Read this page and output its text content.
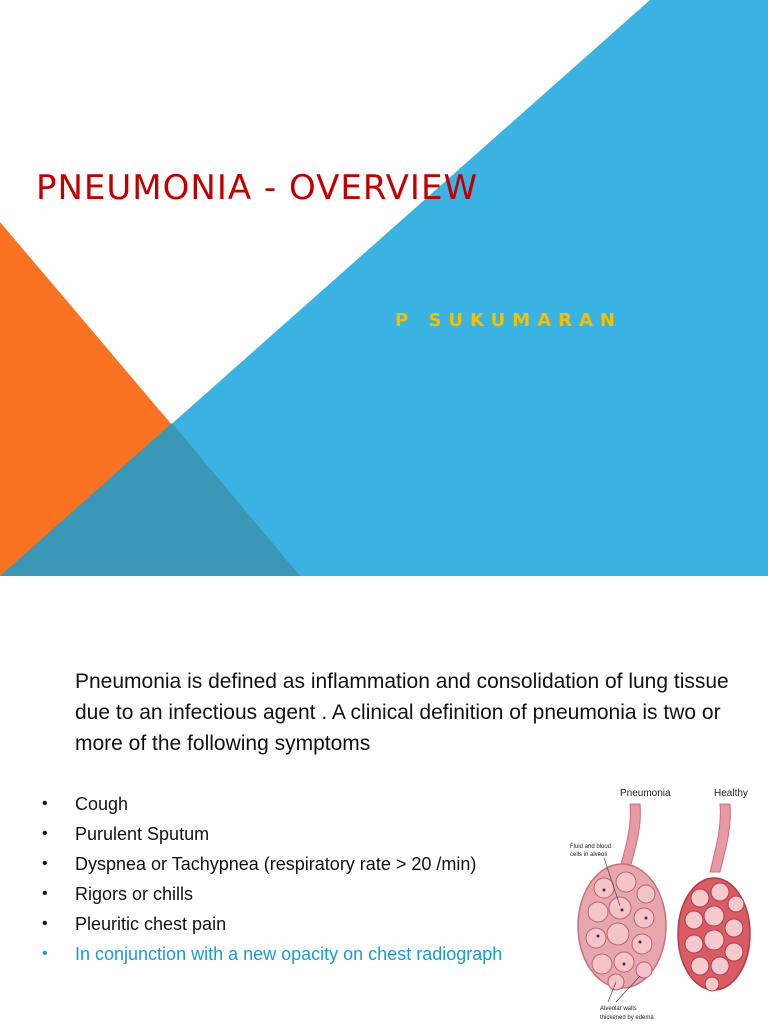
PNEUMONIA - OVERVIEW
P SUKUMARAN

Pneumonia is defined as inflammation and consolidation of lung tissue due to an infectious agent . A clinical definition of pneumonia is two or more of the following symptoms

• Cough
• Purulent Sputum
• Dyspnea or Tachypnea (respiratory rate > 20 /min)
• Rigors or chills
• Pleuritic chest pain
• In conjunction with a new opacity on chest radiograph
Pneumonia	Healthy
Fluid and blood
cells in alveoli
Alveolar walls
thickened by edema
